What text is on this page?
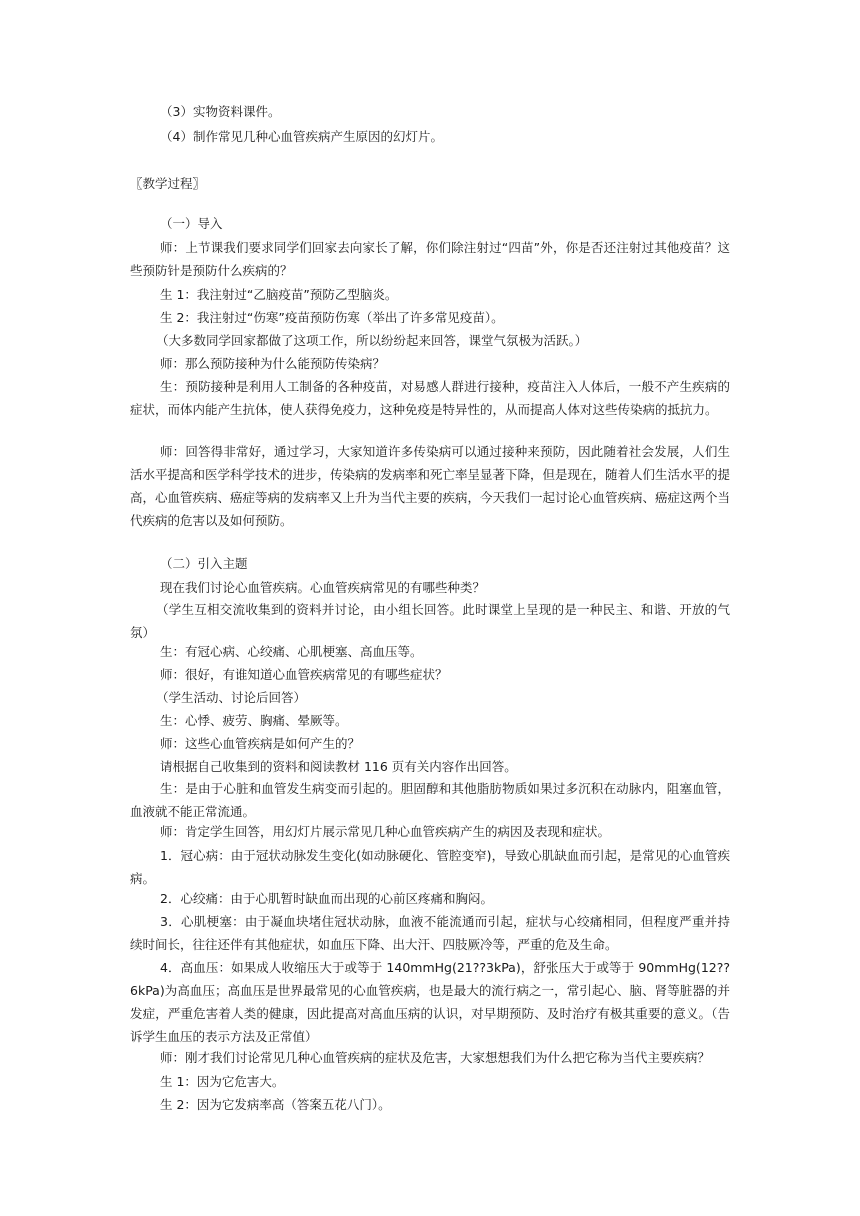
（3）实物资料课件。

（4）制作常见几种心血管疾病产生原因的幻灯片。

〖教学过程〗

（一）导入

师：上节课我们要求同学们回家去向家长了解，你们除注射过“四苗”外，你是否还注射过其他疫苗？这些预防针是预防什么疾病的？

生 1：我注射过“乙脑疫苗”预防乙型脑炎。

生 2：我注射过“伤寒”疫苗预防伤寒（举出了许多常见疫苗）。

（大多数同学回家都做了这项工作，所以纷纷起来回答，课堂气氛极为活跃。）

师：那么预防接种为什么能预防传染病？

生：预防接种是利用人工制备的各种疫苗，对易感人群进行接种，疫苗注入人体后，一般不产生疾病的症状，而体内能产生抗体，使人获得免疫力，这种免疫是特异性的，从而提高人体对这些传染病的抵抗力。

师：回答得非常好，通过学习，大家知道许多传染病可以通过接种来预防，因此随着社会发展，人们生活水平提高和医学科学技术的进步，传染病的发病率和死亡率呈显著下降，但是现在，随着人们生活水平的提高，心血管疾病、癌症等病的发病率又上升为当代主要的疾病，今天我们一起讨论心血管疾病、癌症这两个当代疾病的危害以及如何预防。

（二）引入主题

现在我们讨论心血管疾病。心血管疾病常见的有哪些种类？

（学生互相交流收集到的资料并讨论，由小组长回答。此时课堂上呈现的是一种民主、和谐、开放的气氛）

生：有冠心病、心绞痛、心肌梗塞、高血压等。

师：很好，有谁知道心血管疾病常见的有哪些症状？

（学生活动、讨论后回答）

生：心悸、疲劳、胸痛、晕厥等。

师：这些心血管疾病是如何产生的？

请根据自己收集到的资料和阅读教材 116 页有关内容作出回答。

生：是由于心脏和血管发生病变而引起的。胆固醇和其他脂肪物质如果过多沉积在动脉内，阻塞血管，血液就不能正常流通。

师：肯定学生回答，用幻灯片展示常见几种心血管疾病产生的病因及表现和症状。

1．冠心病：由于冠状动脉发生变化(如动脉硬化、管腔变窄)，导致心肌缺血而引起，是常见的心血管疾病。

2．心绞痛：由于心肌暂时缺血而出现的心前区疼痛和胸闷。

3．心肌梗塞：由于凝血块堵住冠状动脉，血液不能流通而引起，症状与心绞痛相同，但程度严重并持续时间长，往往还伴有其他症状，如血压下降、出大汗、四肢厥冷等，严重的危及生命。

4．高血压：如果成人收缩压大于或等于 140mmHg(21??3kPa)，舒张压大于或等于 90mmHg(12??6kPa)为高血压；高血压是世界最常见的心血管疾病，也是最大的流行病之一，常引起心、脑、肾等脏器的并发症，严重危害着人类的健康，因此提高对高血压病的认识，对早期预防、及时治疗有极其重要的意义。（告诉学生血压的表示方法及正常值）

师：刚才我们讨论常见几种心血管疾病的症状及危害，大家想想我们为什么把它称为当代主要疾病？

生 1：因为它危害大。

生 2：因为它发病率高（答案五花八门）。
